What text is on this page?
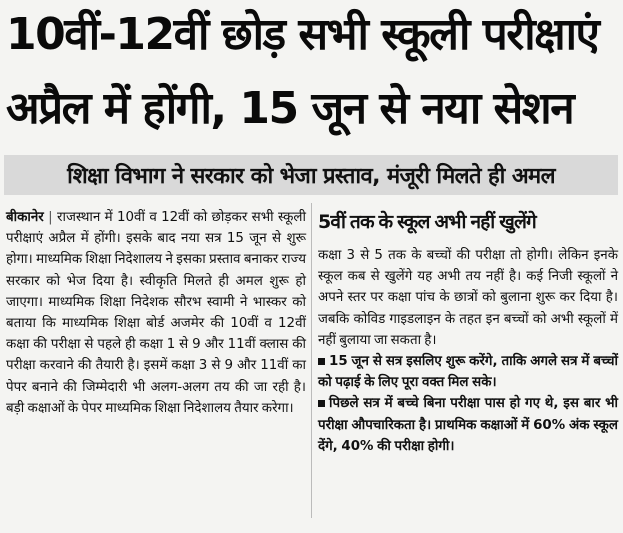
10वीं-12वीं छोड़ सभी स्कूली परीक्षाएं
अप्रैल में होंगी, 15 जून से नया सेशन
शिक्षा विभाग ने सरकार को भेजा प्रस्ताव, मंजूरी मिलते ही अमल
बीकानेर | राजस्थान में 10वीं व 12वीं को छोड़कर सभी स्कूली परीक्षाएं अप्रैल में होंगी। इसके बाद नया सत्र 15 जून से शुरू होगा। माध्यमिक शिक्षा निदेशालय ने इसका प्रस्ताव बनाकर राज्य सरकार को भेज दिया है। स्वीकृति मिलते ही अमल शुरू हो जाएगा। माध्यमिक शिक्षा निदेशक सौरभ स्वामी ने भास्कर को बताया कि माध्यमिक शिक्षा बोर्ड अजमेर की 10वीं व 12वीं कक्षा की परीक्षा से पहले ही कक्षा 1 से 9 और 11वीं क्लास की परीक्षा करवाने की तैयारी है। इसमें कक्षा 3 से 9 और 11वीं का पेपर बनाने की जिम्मेदारी भी अलग-अलग तय की जा रही है। बड़ी कक्षाओं के पेपर माध्यमिक शिक्षा निदेशालय तैयार करेगा।
5वीं तक के स्कूल अभी नहीं खुलेंगे
कक्षा 3 से 5 तक के बच्चों की परीक्षा तो होगी। लेकिन इनके स्कूल कब से खुलेंगे यह अभी तय नहीं है। कई निजी स्कूलों ने अपने स्तर पर कक्षा पांच के छात्रों को बुलाना शुरू कर दिया है। जबकि कोविड गाइडलाइन के तहत इन बच्चों को अभी स्कूलों में नहीं बुलाया जा सकता है।
15 जून से सत्र इसलिए शुरू करेंगे, ताकि अगले सत्र में बच्चों को पढ़ाई के लिए पूरा वक्त मिल सके।
पिछले सत्र में बच्चे बिना परीक्षा पास हो गए थे, इस बार भी परीक्षा औपचारिकता है। प्राथमिक कक्षाओं में 60% अंक स्कूल देंगे, 40% की परीक्षा होगी।
